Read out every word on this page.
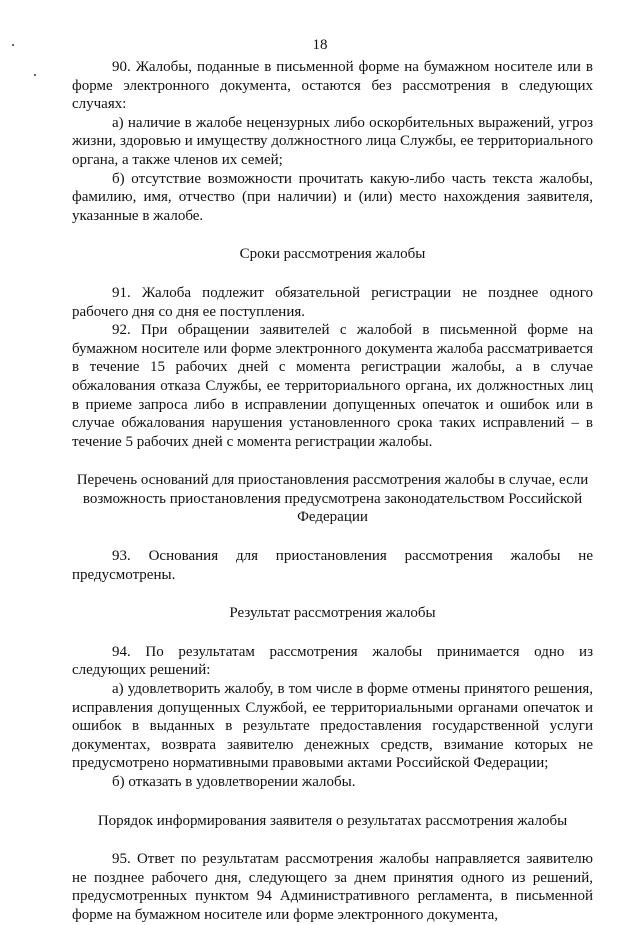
18

90. Жалобы, поданные в письменной форме на бумажном носителе или в форме электронного документа, остаются без рассмотрения в следующих случаях:

а) наличие в жалобе нецензурных либо оскорбительных выражений, угроз жизни, здоровью и имуществу должностного лица Службы, ее территориального органа, а также членов их семей;

б) отсутствие возможности прочитать какую-либо часть текста жалобы, фамилию, имя, отчество (при наличии) и (или) место нахождения заявителя, указанные в жалобе.

Сроки рассмотрения жалобы

91. Жалоба подлежит обязательной регистрации не позднее одного рабочего дня со дня ее поступления.

92. При обращении заявителей с жалобой в письменной форме на бумажном носителе или форме электронного документа жалоба рассматривается в течение 15 рабочих дней с момента регистрации жалобы, а в случае обжалования отказа Службы, ее территориального органа, их должностных лиц в приеме запроса либо в исправлении допущенных опечаток и ошибок или в случае обжалования нарушения установленного срока таких исправлений – в течение 5 рабочих дней с момента регистрации жалобы.

Перечень оснований для приостановления рассмотрения жалобы в случае, если возможность приостановления предусмотрена законодательством Российской Федерации

93. Основания для приостановления рассмотрения жалобы не предусмотрены.

Результат рассмотрения жалобы

94. По результатам рассмотрения жалобы принимается одно из следующих решений:

а) удовлетворить жалобу, в том числе в форме отмены принятого решения, исправления допущенных Службой, ее территориальными органами опечаток и ошибок в выданных в результате предоставления государственной услуги документах, возврата заявителю денежных средств, взимание которых не предусмотрено нормативными правовыми актами Российской Федерации;

б) отказать в удовлетворении жалобы.

Порядок информирования заявителя о результатах рассмотрения жалобы

95. Ответ по результатам рассмотрения жалобы направляется заявителю не позднее рабочего дня, следующего за днем принятия одного из решений, предусмотренных пунктом 94 Административного регламента, в письменной форме на бумажном носителе или форме электронного документа,
